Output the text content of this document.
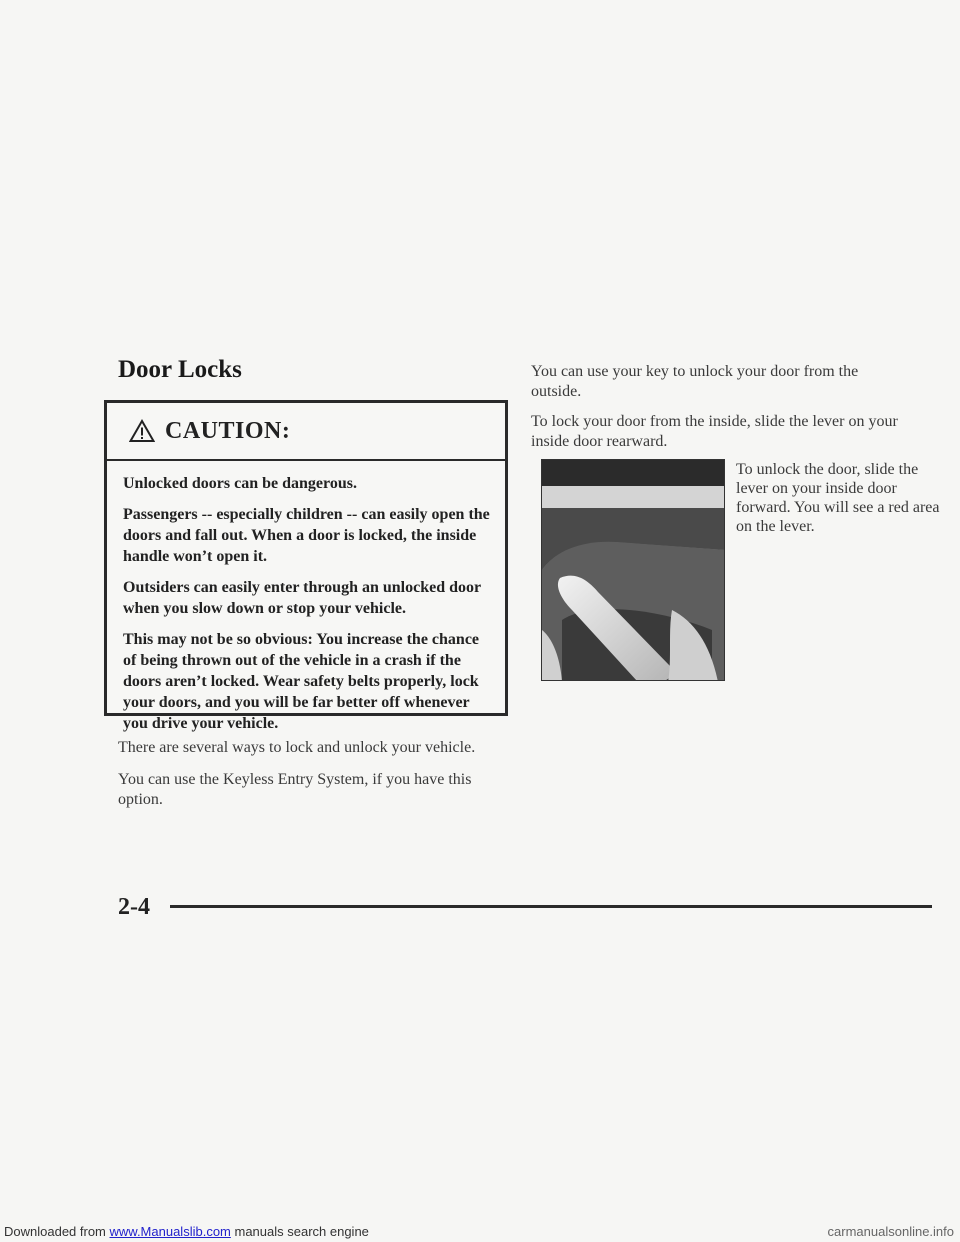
Door Locks
CAUTION:

Unlocked doors can be dangerous.

Passengers -- especially children -- can easily open the doors and fall out. When a door is locked, the inside handle won’t open it.

Outsiders can easily enter through an unlocked door when you slow down or stop your vehicle.

This may not be so obvious: You increase the chance of being thrown out of the vehicle in a crash if the doors aren’t locked. Wear safety belts properly, lock your doors, and you will be far better off whenever you drive your vehicle.

There are several ways to lock and unlock your vehicle.

You can use the Keyless Entry System, if you have this option.

You can use your key to unlock your door from the outside.

To lock your door from the inside, slide the lever on your inside door rearward.

To unlock the door, slide the lever on your inside door forward. You will see a red area on the lever.

2-4
Downloaded from www.Manualslib.com manuals search engine	carmanualsonline.info
